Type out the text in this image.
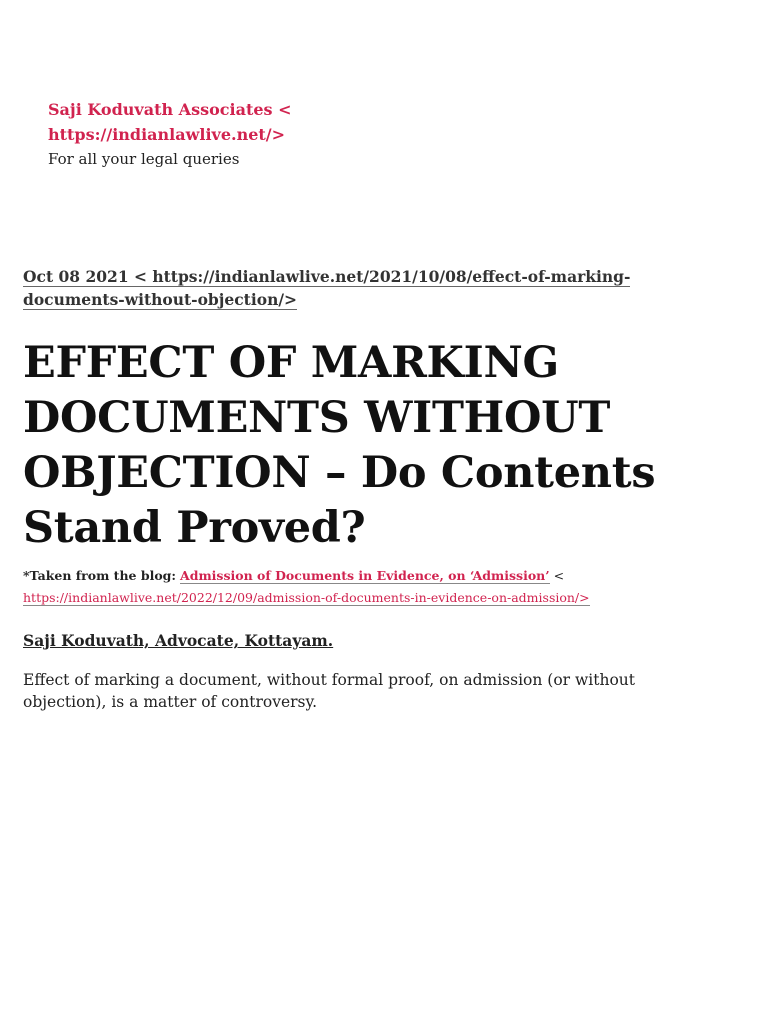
Saji Koduvath Associates < https://indianlawlive.net/>
For all your legal queries
Oct 08 2021 < https://indianlawlive.net/2021/10/08/effect-of-marking-documents-without-objection/>
EFFECT OF MARKING DOCUMENTS WITHOUT OBJECTION – Do Contents Stand Proved?
*Taken from the blog: Admission of Documents in Evidence, on ‘Admission’ <
https://indianlawlive.net/2022/12/09/admission-of-documents-in-evidence-on-admission/>
Saji Koduvath, Advocate, Kottayam.

Effect of marking a document, without formal proof, on admission (or without objection), is a matter of controversy.
